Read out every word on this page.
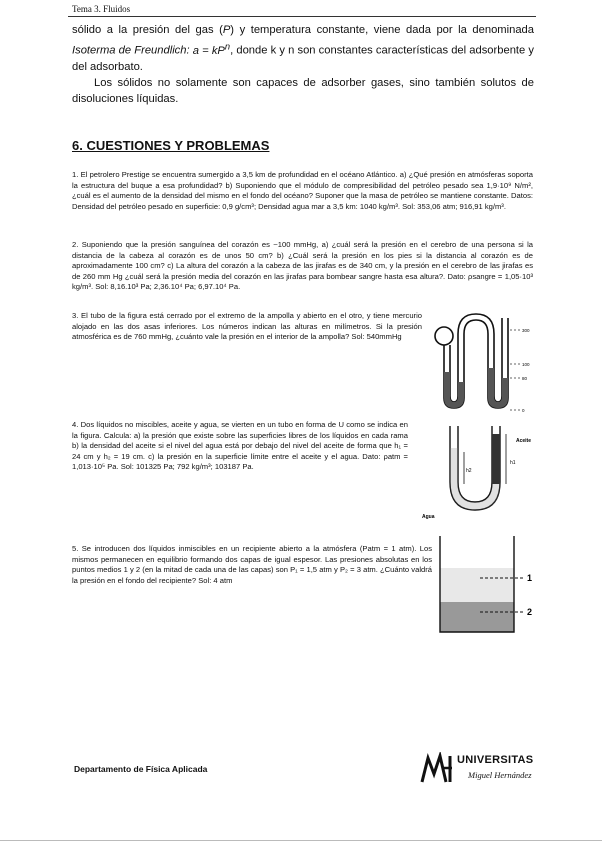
Tema 3. Fluidos

sólido a la presión del gas (P) y temperatura constante, viene dada por la denominada Isoterma de Freundlich: $a = kP^n$, donde k y n son constantes características del adsorbente y del adsorbato.

Los sólidos no solamente son capaces de adsorber gases, sino también solutos de disoluciones líquidas.

6. CUESTIONES Y PROBLEMAS

1. El petrolero Prestige se encuentra sumergido a 3,5 km de profundidad en el océano Atlántico. a) ¿Qué presión en atmósferas soporta la estructura del buque a esa profundidad? b) Suponiendo que el módulo de compresibilidad del petróleo pesado sea 1,9·10⁹ N/m², ¿cuál es el aumento de la densidad del mismo en el fondo del océano? Suponer que la masa de petróleo se mantiene constante. Datos: Densidad del petróleo pesado en superficie: 0,9 g/cm³; Densidad agua mar a 3,5 km: 1040 kg/m³. Sol: 353,06 atm; 916,91 kg/m³.

2. Suponiendo que la presión sanguínea del corazón es ~100 mmHg, a) ¿cuál será la presión en el cerebro de una persona si la distancia de la cabeza al corazón es de unos 50 cm? b) ¿Cuál será la presión en los pies si la distancia al corazón es de aproximadamente 100 cm? c) La altura del corazón a la cabeza de las jirafas es de 340 cm, y la presión en el cerebro de las jirafas es de 260 mm Hg ¿cuál será la presión media del corazón en las jirafas para bombear sangre hasta esa altura?. Dato: ρsangre = 1,05·10³ kg/m³. Sol: 8,16.10³ Pa; 2,36.10⁴ Pa; 6,97.10⁴ Pa.

3. El tubo de la figura está cerrado por el extremo de la ampolla y abierto en el otro, y tiene mercurio alojado en las dos asas inferiores. Los números indican las alturas en milímetros. Si la presión atmosférica es de 760 mmHg, ¿cuánto vale la presión en el interior de la ampolla? Sol: 540mmHg

4. Dos líquidos no miscibles, aceite y agua, se vierten en un tubo en forma de U como se indica en la figura. Calcula: a) la presión que existe sobre las superficies libres de los líquidos en cada rama b) la densidad del aceite si el nivel del agua está por debajo del nivel del aceite de forma que h₁ = 24 cm y h₂ = 19 cm. c) la presión en la superficie límite entre el aceite y el agua. Dato: ρatm = 1,013·10⁵ Pa. Sol: 101325 Pa; 792 kg/m³; 103187 Pa.

5. Se introducen dos líquidos inmiscibles en un recipiente abierto a la atmósfera (Patm = 1 atm). Los mismos permanecen en equilibrio formando dos capas de igual espesor. Las presiones absolutas en los puntos medios 1 y 2 (en la mitad de cada una de las capas) son P₁ = 1,5 atm y P₂ = 3 atm. ¿Cuánto valdrá la presión en el fondo del recipiente? Sol: 4 atm

300
100
80
0
h2
h1
Aceite
Agua
1
2
Departamento de Física Aplicada
UNIVERSITAS
Miguel Hernández
